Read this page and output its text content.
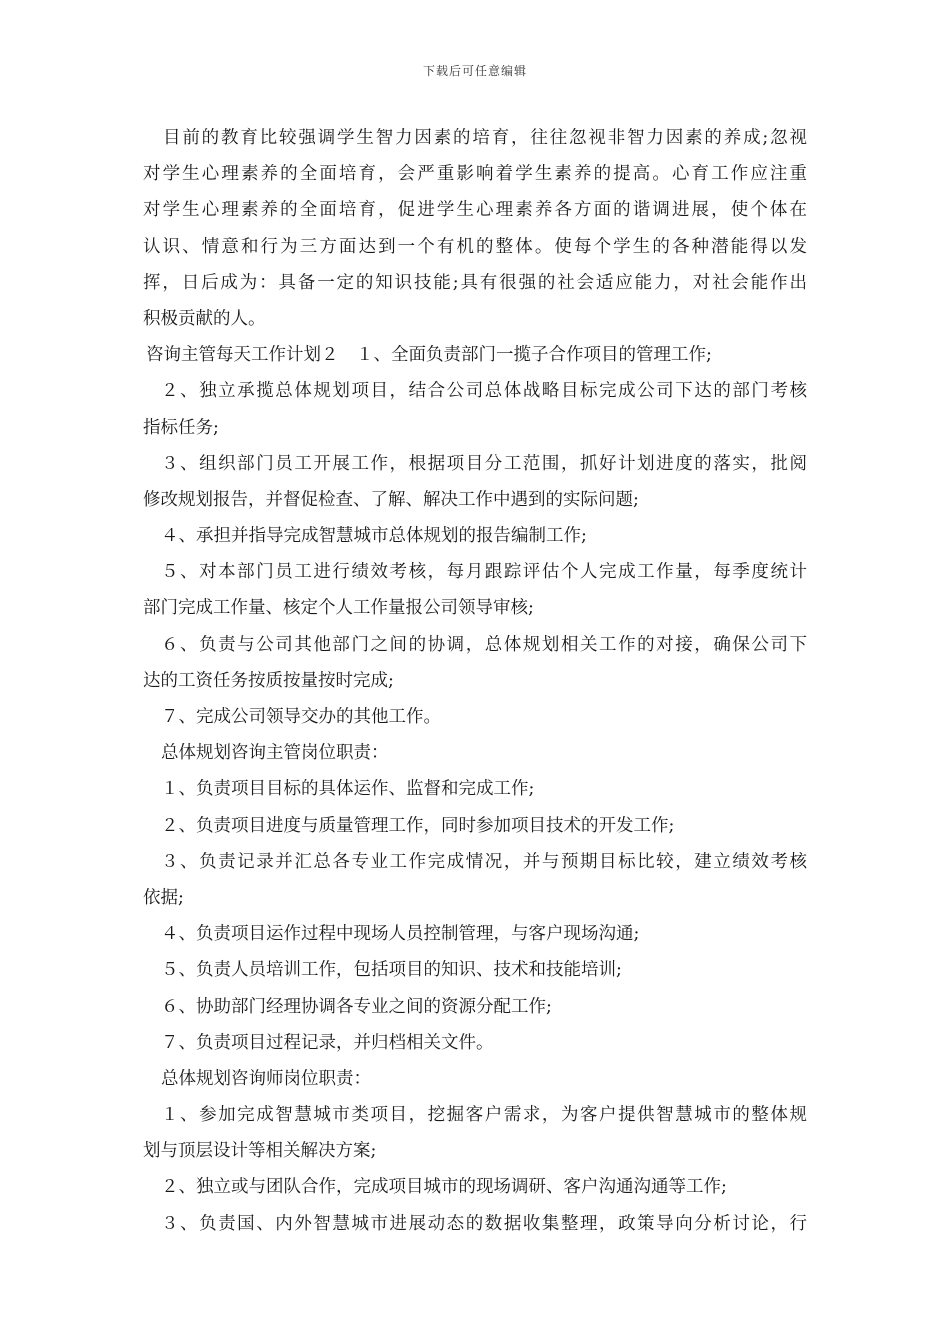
下载后可任意编辑
目前的教育比较强调学生智力因素的培育，往往忽视非智力因素的养成;忽视
对学生心理素养的全面培育，会严重影响着学生素养的提高。心育工作应注重
对学生心理素养的全面培育，促进学生心理素养各方面的谐调进展，使个体在
认识、情意和行为三方面达到一个有机的整体。使每个学生的各种潜能得以发
挥，日后成为：具备一定的知识技能;具有很强的社会适应能力，对社会能作出
积极贡献的人。
咨询主管每天工作计划２　１、全面负责部门一揽子合作项目的管理工作;
２、独立承揽总体规划项目，结合公司总体战略目标完成公司下达的部门考核
指标任务;
３、组织部门员工开展工作，根据项目分工范围，抓好计划进度的落实，批阅
修改规划报告，并督促检查、了解、解决工作中遇到的实际问题;
４、承担并指导完成智慧城市总体规划的报告编制工作;
５、对本部门员工进行绩效考核，每月跟踪评估个人完成工作量，每季度统计
部门完成工作量、核定个人工作量报公司领导审核;
６、负责与公司其他部门之间的协调，总体规划相关工作的对接，确保公司下
达的工资任务按质按量按时完成;
７、完成公司领导交办的其他工作。
总体规划咨询主管岗位职责：
１、负责项目目标的具体运作、监督和完成工作;
２、负责项目进度与质量管理工作，同时参加项目技术的开发工作;
３、负责记录并汇总各专业工作完成情况，并与预期目标比较，建立绩效考核
依据;
４、负责项目运作过程中现场人员控制管理，与客户现场沟通;
５、负责人员培训工作，包括项目的知识、技术和技能培训;
６、协助部门经理协调各专业之间的资源分配工作;
７、负责项目过程记录，并归档相关文件。
总体规划咨询师岗位职责：
１、参加完成智慧城市类项目，挖掘客户需求，为客户提供智慧城市的整体规
划与顶层设计等相关解决方案;
２、独立或与团队合作，完成项目城市的现场调研、客户沟通沟通等工作;
３、负责国、内外智慧城市进展动态的数据收集整理，政策导向分析讨论，行
